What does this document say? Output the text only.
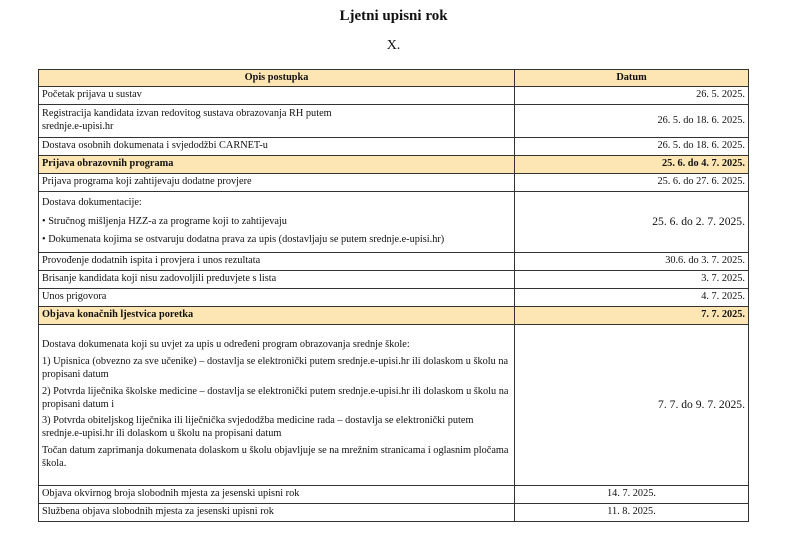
Ljetni upisni rok
X.
Opis postupka	Datum
Početak prijava u sustav	26. 5. 2025.

Registracija kandidata izvan redovitog sustava obrazovanja RH putem
srednje.e-upisi.hr	26. 5. do 18. 6. 2025.
Dostava osobnih dokumenata i svjedodžbi CARNET-u	26. 5. do 18. 6. 2025.
Prijava obrazovnih programa	25. 6. do 4. 7. 2025.
Prijava programa koji zahtijevaju dodatne provjere	25. 6. do 27. 6. 2025.

Dostava dokumentacije:

• Stručnog mišljenja HZZ-a za programe koji to zahtijevaju

• Dokumenata kojima se ostvaruju dodatna prava za upis (dostavljaju se putem srednje.e-upisi.hr)	25. 6. do 2. 7. 2025.
Provođenje dodatnih ispita i provjera i unos rezultata	30.6. do 3. 7. 2025.
Brisanje kandidata koji nisu zadovoljili preduvjete s lista	3. 7. 2025.
Unos prigovora	4. 7. 2025.
Objava konačnih ljestvica poretka	7. 7. 2025.

Dostava dokumenata koji su uvjet za upis u određeni program obrazovanja srednje škole:

1) Upisnica (obvezno za sve učenike) – dostavlja se elektronički putem srednje.e-upisi.hr ili dolaskom u školu na propisani datum

2) Potvrda liječnika školske medicine – dostavlja se elektronički putem srednje.e-upisi.hr ili dolaskom u školu na propisani datum i

3) Potvrda obiteljskog liječnika ili liječnička svjedodžba medicine rada – dostavlja se elektronički putem srednje.e-upisi.hr ili dolaskom u školu na propisani datum

Točan datum zaprimanja dokumenata dolaskom u školu objavljuje se na mrežnim stranicama i oglasnim pločama škola.	7. 7. do 9. 7. 2025.
Objava okvirnog broja slobodnih mjesta za jesenski upisni rok	14. 7. 2025.
Službena objava slobodnih mjesta za jesenski upisni rok	11. 8. 2025.
